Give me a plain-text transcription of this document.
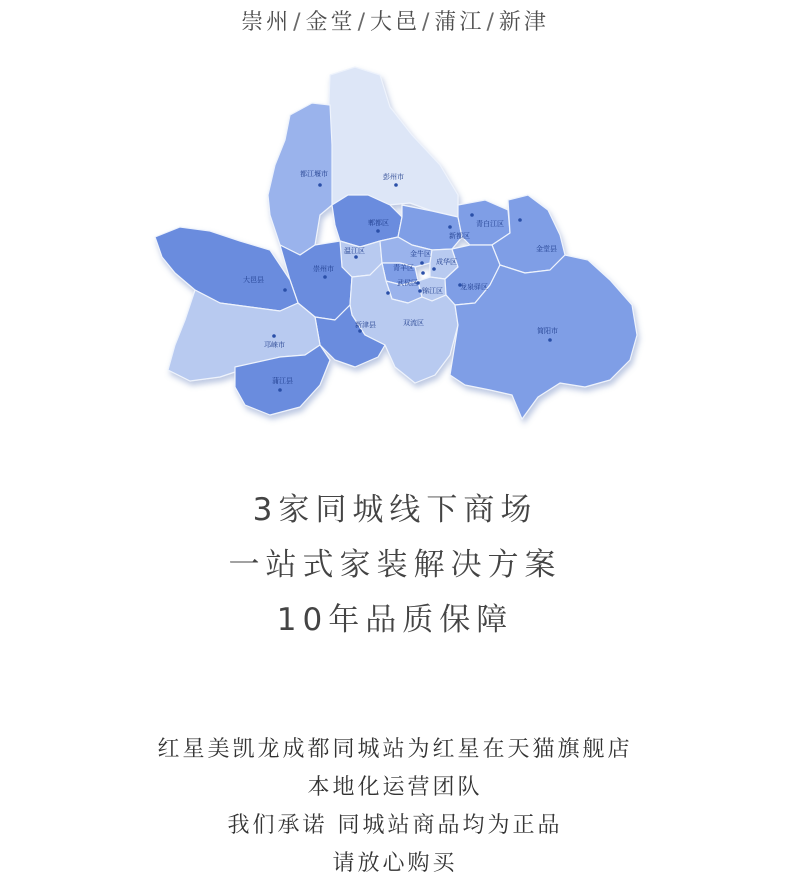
崇州/金堂/大邑/蒲江/新津
都江堰市	彭州市
郫都区	青白江区
新都区
温江区	金牛区
金堂县
成华区
青羊区
崇州市
大邑县	武侯区
锦江区 龙泉驿区
新津县	双流区
简阳市
邛崃市
蒲江县
3家同城线下商场
一站式家装解决方案
10年品质保障
红星美凯龙成都同城站为红星在天猫旗舰店
本地化运营团队
我们承诺 同城站商品均为正品
请放心购买
